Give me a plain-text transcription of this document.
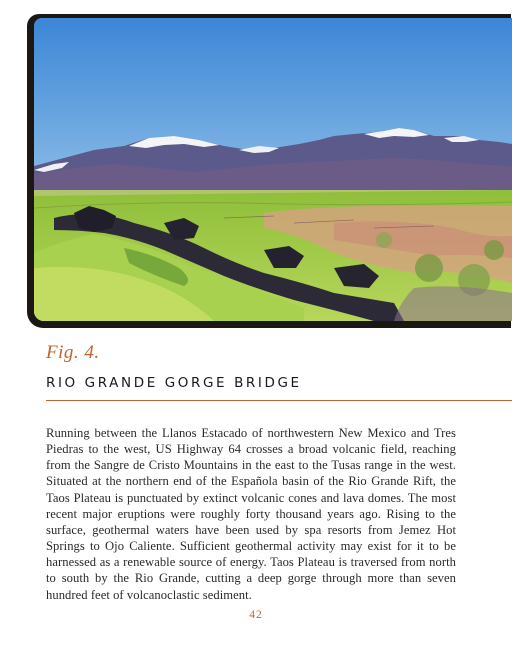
Fig. 4.
RIO GRANDE GORGE BRIDGE

Running between the Llanos Estacado of northwestern New Mexico and Tres Piedras to the west, US Highway 64 crosses a broad volcanic field, reaching from the Sangre de Cristo Mountains in the east to the Tusas range in the west. Situated at the northern end of the Española basin of the Rio Grande Rift, the Taos Plateau is punctuated by extinct volcanic cones and lava domes. The most recent major eruptions were roughly forty thousand years ago. Rising to the surface, geothermal waters have been used by spa resorts from Jemez Hot Springs to Ojo Caliente. Sufficient geothermal activity may exist for it to be harnessed as a renewable source of energy. Taos Plateau is traversed from north to south by the Rio Grande, cutting a deep gorge through more than seven hundred feet of volcanoclastic sediment.

42
